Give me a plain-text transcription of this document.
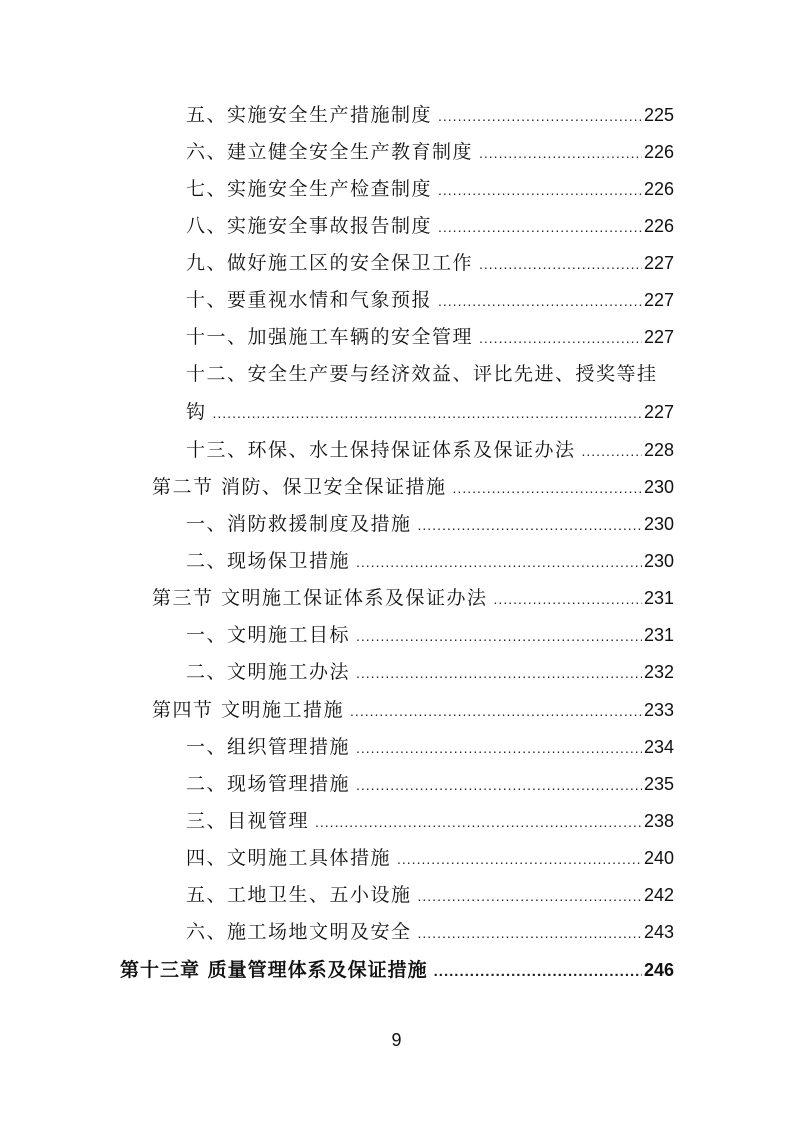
五、实施安全生产措施制度 .....	225
六、建立健全安全生产教育制度 .....	226
七、实施安全生产检查制度 .....	226
八、实施安全事故报告制度 .....	226
九、做好施工区的安全保卫工作 .....	227
十、要重视水情和气象预报 .....	227
十一、加强施工车辆的安全管理 .....	227
十二、安全生产要与经济效益、评比先进、授奖等挂
钩 .....	227
十三、环保、水土保持保证体系及保证办法 .....	228
第二节 消防、保卫安全保证措施 .....	230
一、消防救援制度及措施 .....	230
二、现场保卫措施 .....	230
第三节 文明施工保证体系及保证办法 .....	231
一、文明施工目标 .....	231
二、文明施工办法 .....	232
第四节 文明施工措施 .....	233
一、组织管理措施 .....	234
二、现场管理措施 .....	235
三、目视管理 .....	238
四、文明施工具体措施 .....	240
五、工地卫生、五小设施 .....	242
六、施工场地文明及安全 .....	243
第十三章 质量管理体系及保证措施 .....	246
9
